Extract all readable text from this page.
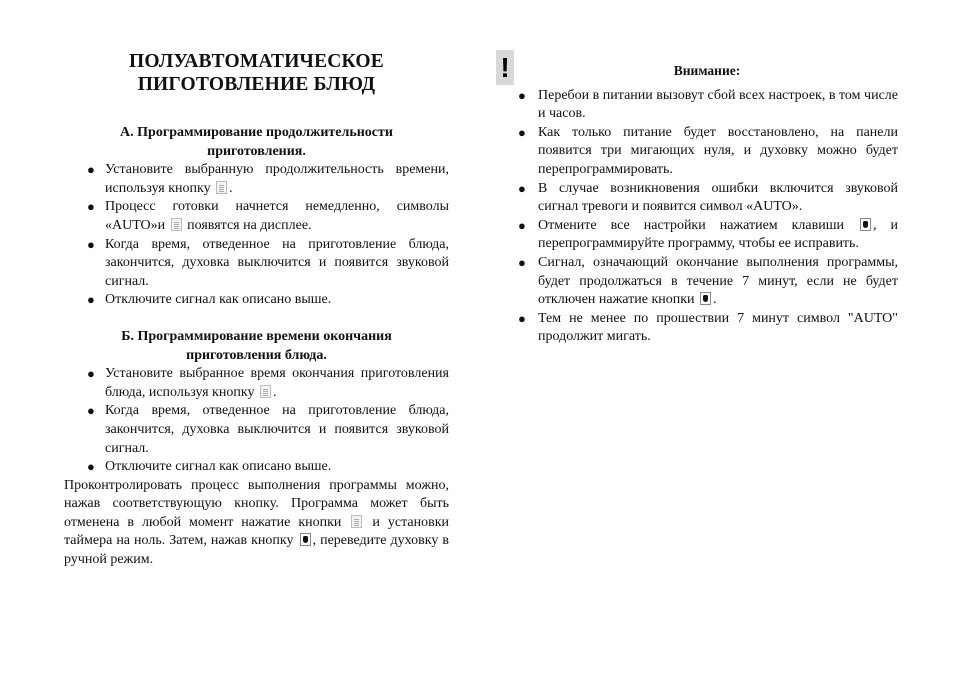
ПОЛУАВТОМАТИЧЕСКОЕ
ПИГОТОВЛЕНИЕ БЛЮД
А. Программирование продолжительности
приготовления.
● Установите выбранную продолжительность времени, используя кнопку .
● Процесс готовки начнется немедленно, символы «AUTO»и  появятся на дисплее.
● Когда время, отведенное на приготовление блюда, закончится, духовка выключится и появится звуковой сигнал.
● Отключите сигнал как описано выше.
Б. Программирование времени окончания
приготовления блюда.
● Установите выбранное время окончания приготовления блюда, используя кнопку .
● Когда время, отведенное на приготовление блюда, закончится, духовка выключится и появится звуковой сигнал.
● Отключите сигнал как описано выше.

Проконтролировать процесс выполнения программы можно, нажав соответствующую кнопку. Программа может быть отменена в любой момент нажатие кнопки и установки таймера на ноль. Затем, нажав кнопку , переведите духовку в ручной режим.

!	Внимание:
● Перебои в питании вызовут сбой всех настроек, в том числе и часов.
● Как только питание будет восстановлено, на панели появится три мигающих нуля, и духовку можно будет перепрограммировать.
● В случае возникновения ошибки включится звуковой сигнал тревоги и появится символ «AUTO».
● Отмените все настройки нажатием клавиши , и перепрограммируйте программу, чтобы ее исправить.
● Сигнал, означающий окончание выполнения программы, будет продолжаться в течение 7 минут, если не будет отключен нажатие кнопки .
● Тем не менее по прошествии 7 минут символ "AUTO" продолжит мигать.
